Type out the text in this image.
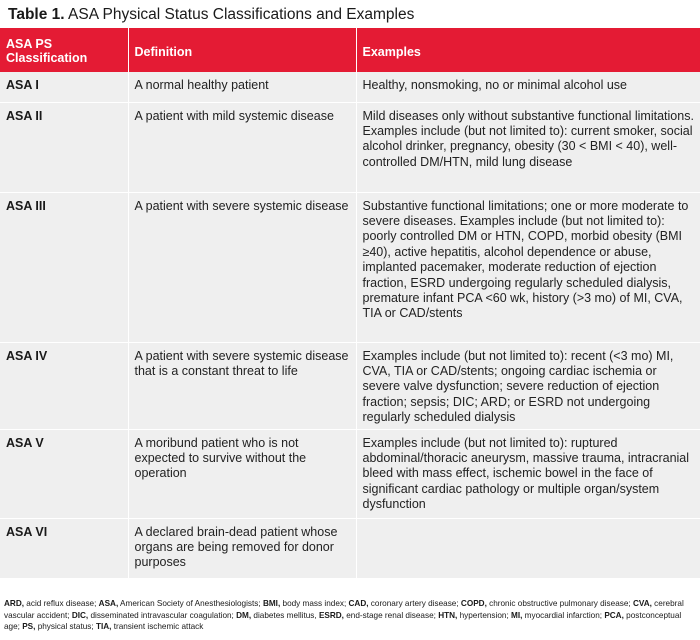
Table 1. ASA Physical Status Classifications and Examples
ASA PS Classification	Definition	Examples
ASA I	A normal healthy patient	Healthy, nonsmoking, no or minimal alcohol use
ASA II	A patient with mild systemic disease	Mild diseases only without substantive functional limitations. Examples include (but not limited to): current smoker, social alcohol drinker, pregnancy, obesity (30 < BMI < 40), well-controlled DM/HTN, mild lung disease
ASA III	A patient with severe systemic disease	Substantive functional limitations; one or more moderate to severe diseases. Examples include (but not limited to): poorly controlled DM or HTN, COPD, morbid obesity (BMI ≥40), active hepatitis, alcohol dependence or abuse, implanted pacemaker, moderate reduction of ejection fraction, ESRD undergoing regularly scheduled dialysis, premature infant PCA <60 wk, history (>3 mo) of MI, CVA, TIA or CAD/stents
ASA IV	A patient with severe systemic disease that is a constant threat to life	Examples include (but not limited to): recent (<3 mo) MI, CVA, TIA or CAD/stents; ongoing cardiac ischemia or severe valve dysfunction; severe reduction of ejection fraction; sepsis; DIC; ARD; or ESRD not undergoing regularly scheduled dialysis
ASA V	A moribund patient who is not expected to survive without the operation	Examples include (but not limited to): ruptured abdominal/thoracic aneurysm, massive trauma, intracranial bleed with mass effect, ischemic bowel in the face of significant cardiac pathology or multiple organ/system dysfunction
ASA VI	A declared brain-dead patient whose organs are being removed for donor purposes	
ARD, acid reflux disease; ASA, American Society of Anesthesiologists; BMI, body mass index; CAD, coronary artery disease; COPD, chronic obstructive pulmonary disease; CVA, cerebral vascular accident; DIC, disseminated intravascular coagulation; DM, diabetes mellitus, ESRD, end-stage renal disease; HTN, hypertension; MI, myocardial infarction; PCA, postconceptual age; PS, physical status; TIA, transient ischemic attack
